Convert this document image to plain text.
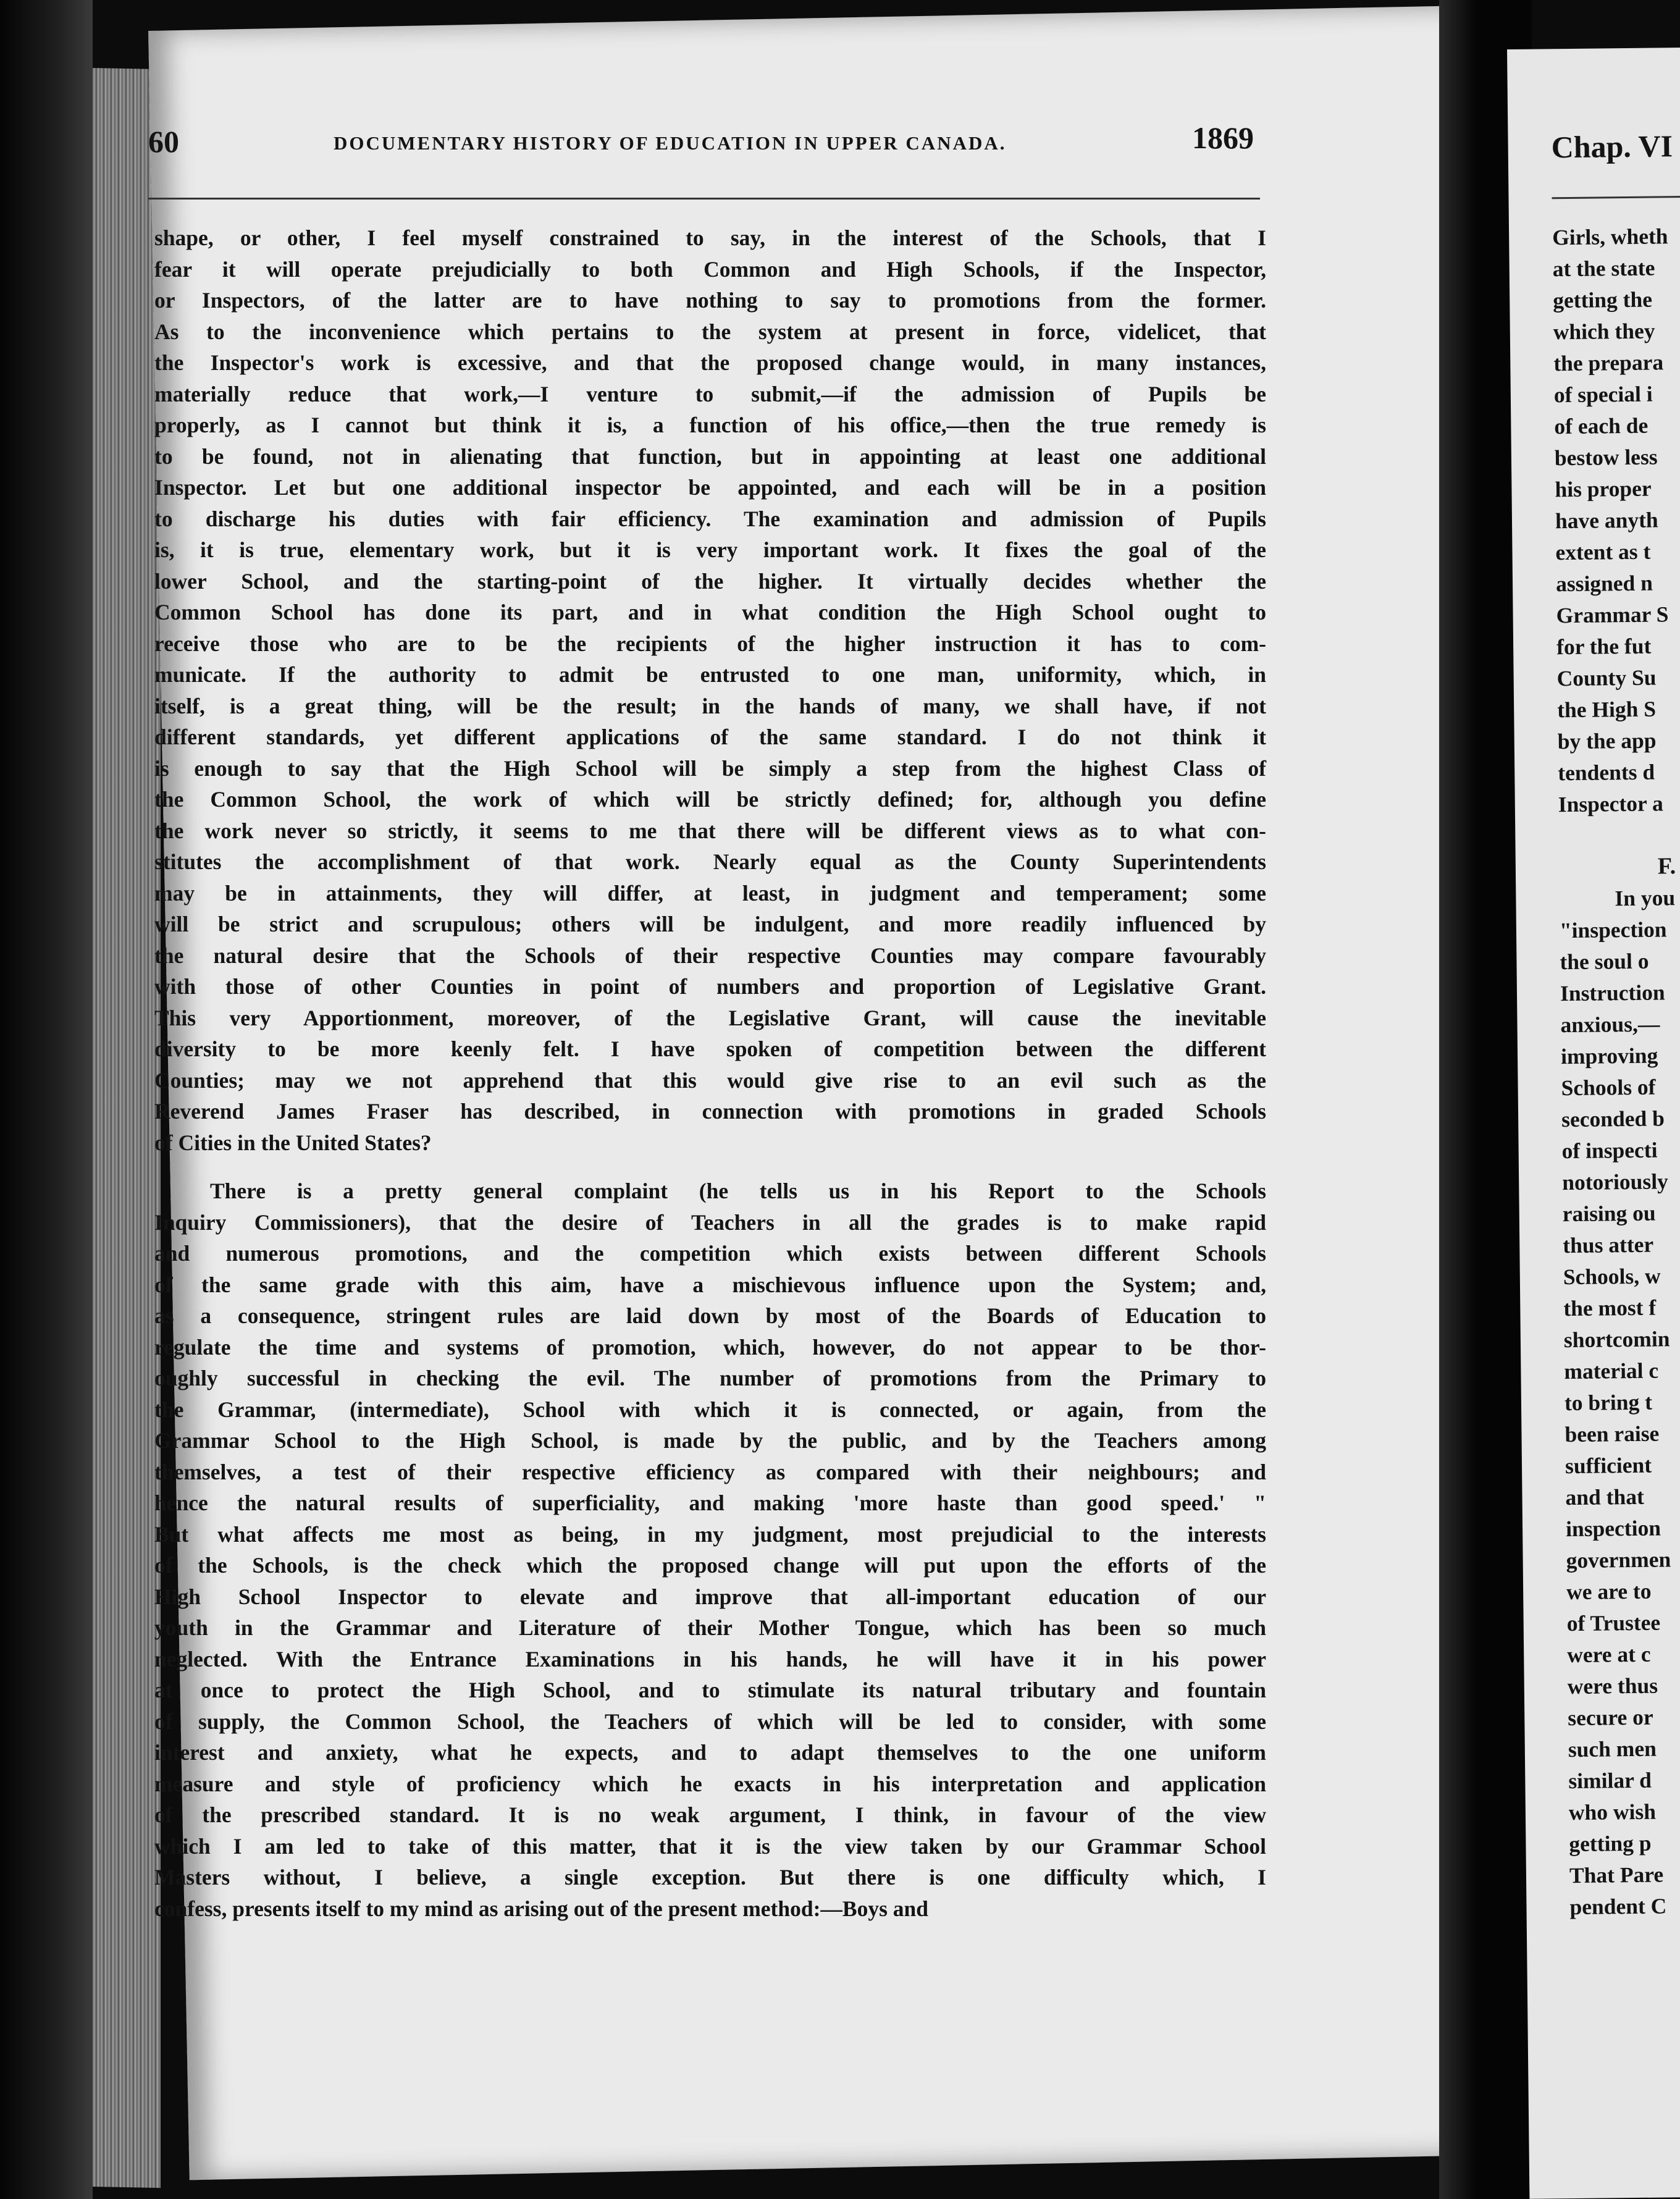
60	DOCUMENTARY HISTORY OF EDUCATION IN UPPER CANADA.	1869
shape, or other, I feel myself constrained to say, in the interest of the Schools, that I
fear it will operate prejudicially to both Common and High Schools, if the Inspector,
or Inspectors, of the latter are to have nothing to say to promotions from the former.
As to the inconvenience which pertains to the system at present in force, videlicet, that
the Inspector's work is excessive, and that the proposed change would, in many instances,
materially reduce that work,—I venture to submit,—if the admission of Pupils be
properly, as I cannot but think it is, a function of his office,—then the true remedy is
to be found, not in alienating that function, but in appointing at least one additional
Inspector. Let but one additional inspector be appointed, and each will be in a position
to discharge his duties with fair efficiency. The examination and admission of Pupils
is, it is true, elementary work, but it is very important work. It fixes the goal of the
lower School, and the starting-point of the higher. It virtually decides whether the
Common School has done its part, and in what condition the High School ought to
receive those who are to be the recipients of the higher instruction it has to com-
municate. If the authority to admit be entrusted to one man, uniformity, which, in
itself, is a great thing, will be the result; in the hands of many, we shall have, if not
different standards, yet different applications of the same standard. I do not think it
is enough to say that the High School will be simply a step from the highest Class of
the Common School, the work of which will be strictly defined; for, although you define
the work never so strictly, it seems to me that there will be different views as to what con-
stitutes the accomplishment of that work. Nearly equal as the County Superintendents
may be in attainments, they will differ, at least, in judgment and temperament; some
will be strict and scrupulous; others will be indulgent, and more readily influenced by
the natural desire that the Schools of their respective Counties may compare favourably
with those of other Counties in point of numbers and proportion of Legislative Grant.
This very Apportionment, moreover, of the Legislative Grant, will cause the inevitable
diversity to be more keenly felt. I have spoken of competition between the different
Counties; may we not apprehend that this would give rise to an evil such as the
Reverend James Fraser has described, in connection with promotions in graded Schools
of Cities in the United States?
There is a pretty general complaint (he tells us in his Report to the Schools
Inquiry Commissioners), that the desire of Teachers in all the grades is to make rapid
and numerous promotions, and the competition which exists between different Schools
of the same grade with this aim, have a mischievous influence upon the System; and,
as a consequence, stringent rules are laid down by most of the Boards of Education to
regulate the time and systems of promotion, which, however, do not appear to be thor-
oughly successful in checking the evil. The number of promotions from the Primary to
the Grammar, (intermediate), School with which it is connected, or again, from the
Grammar School to the High School, is made by the public, and by the Teachers among
themselves, a test of their respective efficiency as compared with their neighbours; and
hence the natural results of superficiality, and making 'more haste than good speed.' "
But what affects me most as being, in my judgment, most prejudicial to the interests
of the Schools, is the check which the proposed change will put upon the efforts of the
High School Inspector to elevate and improve that all-important education of our
youth in the Grammar and Literature of their Mother Tongue, which has been so much
neglected. With the Entrance Examinations in his hands, he will have it in his power
at once to protect the High School, and to stimulate its natural tributary and fountain
of supply, the Common School, the Teachers of which will be led to consider, with some
interest and anxiety, what he expects, and to adapt themselves to the one uniform
measure and style of proficiency which he exacts in his interpretation and application
of the prescribed standard. It is no weak argument, I think, in favour of the view
which I am led to take of this matter, that it is the view taken by our Grammar School
Masters without, I believe, a single exception. But there is one difficulty which, I
confess, presents itself to my mind as arising out of the present method:—Boys and
Chap. VI
Girls, wheth
at the state
getting the
which they
the prepara
of special i
of each de
bestow less
his proper
have anyth
extent as t
assigned n
Grammar S
for the fut
County Su
the High S
by the app
tendents d
Inspector a
F.
In you
"inspection
the soul o
Instruction
anxious,—
improving
Schools of
seconded b
of inspecti
notoriously
raising ou
thus atter
Schools, w
the most f
shortcomin
material c
to bring t
been raise
sufficient
and that
inspection
governmen
we are to
of Trustee
were at c
were thus
secure or
such men
similar d
who wish
getting p
That Pare
pendent C
